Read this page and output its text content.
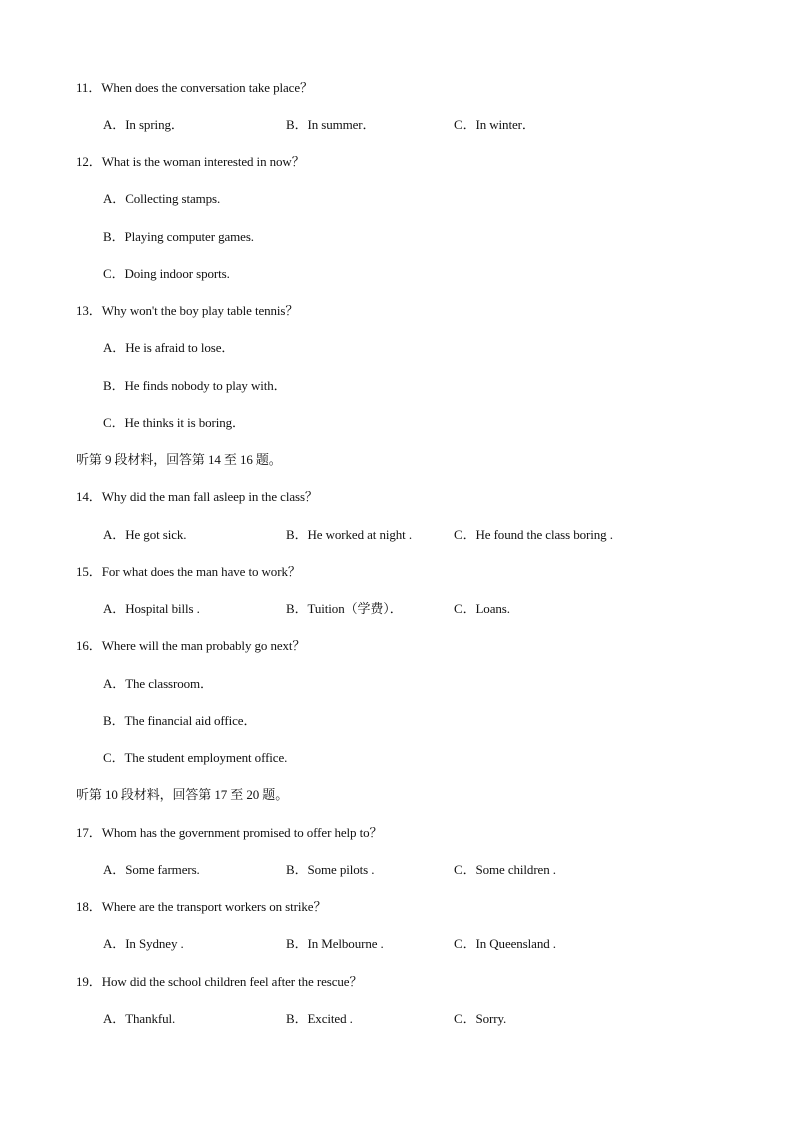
11．When does the conversation take place？
A．In spring．	B．In summer．	C．In winter．
12．What is the woman interested in now？
A．Collecting stamps.
B．Playing computer games.
C．Doing indoor sports.
13．Why won't the boy play table tennis？
A．He is afraid to lose．
B．He finds nobody to play with．
C．He thinks it is boring．
听第 9 段材料，回答第 14 至 16 题。
14．Why did the man fall asleep in the class？
A．He got sick.	B．He worked at night .	C．He found the class boring .
15．For what does the man have to work？
A．Hospital bills .	B．Tuition（学费）．	C．Loans.
16．Where will the man probably go next？
A．The classroom．
B．The financial aid office．
C．The student employment office.
听第 10 段材料，回答第 17 至 20 题。
17．Whom has the government promised to offer help to？
A．Some farmers.	B．Some pilots .	C．Some children .
18．Where are the transport workers on strike？
A．In Sydney .	B．In Melbourne .	C．In Queensland .
19．How did the school children feel after the rescue？
A．Thankful.	B．Excited .	C．Sorry.
